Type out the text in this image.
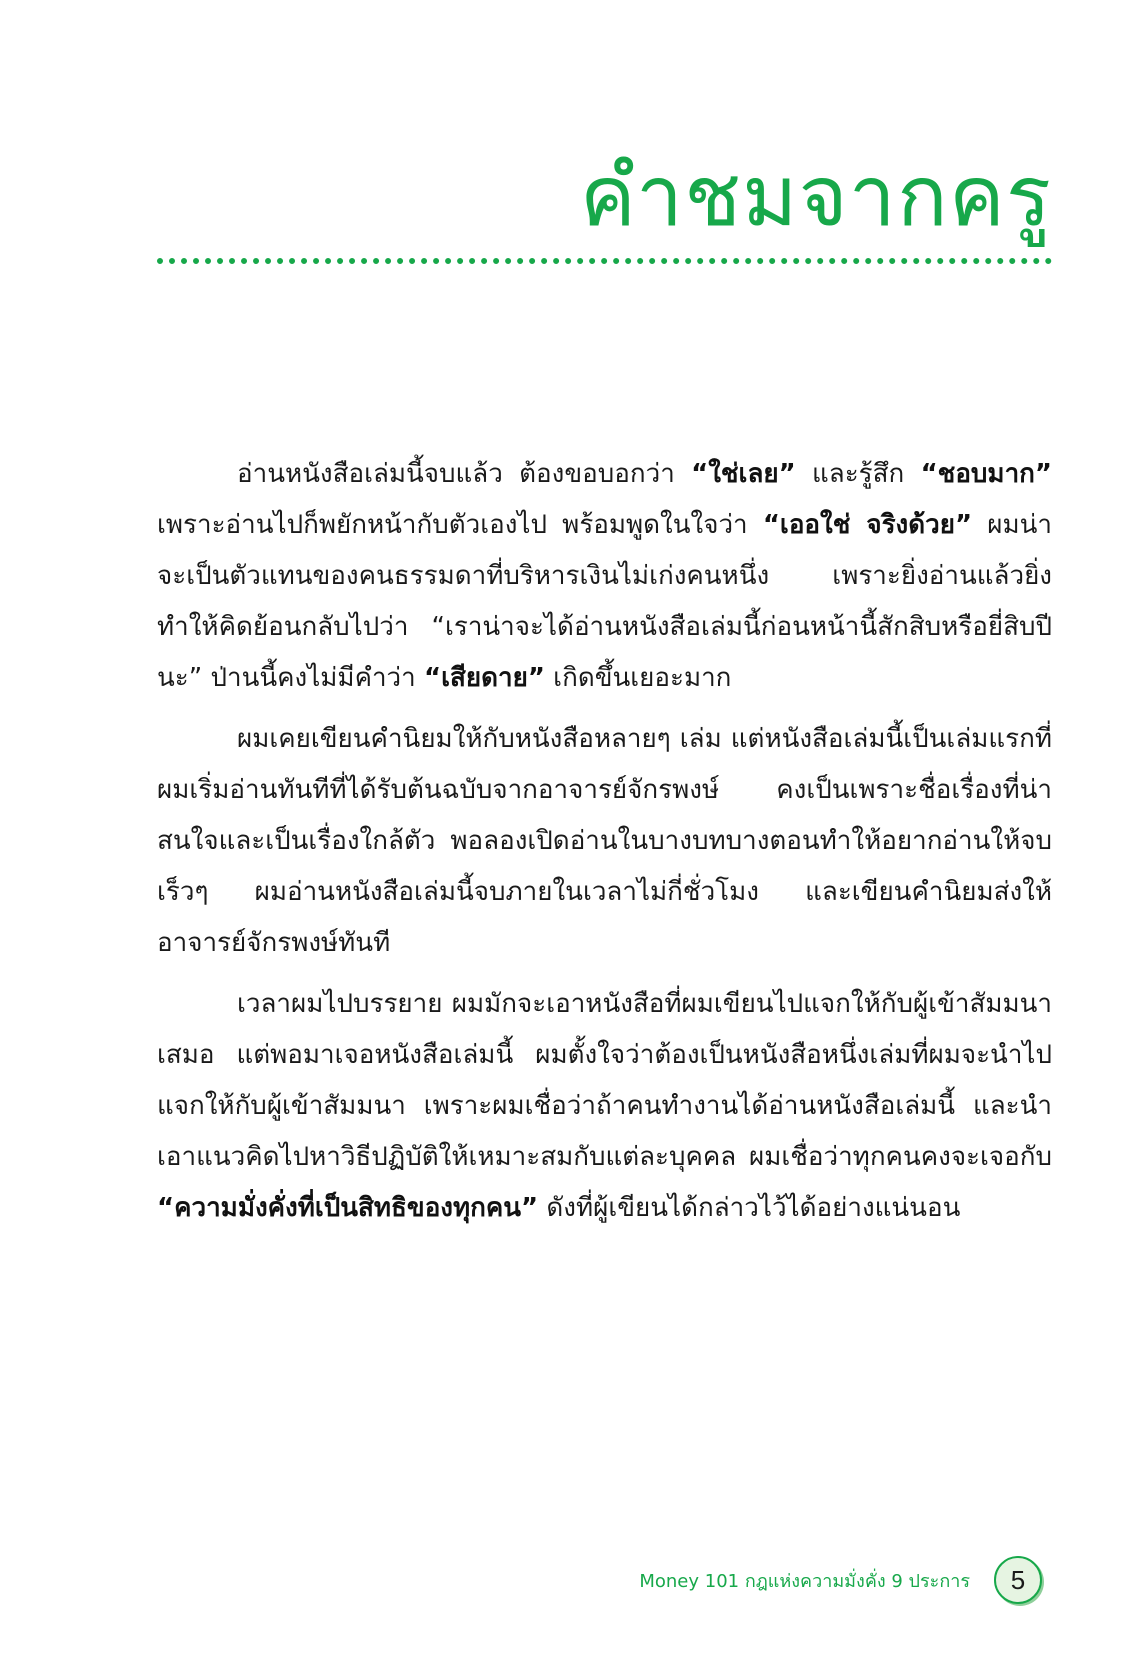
คำชมจากครู

อ่านหนังสือเล่มนี้จบแล้ว ต้องขอบอกว่า “ใช่เลย” และรู้สึก “ชอบมาก” เพราะอ่านไปก็พยักหน้ากับตัวเองไป พร้อมพูดในใจว่า “เออใช่ จริงด้วย” ผมน่าจะเป็นตัวแทนของคนธรรมดาที่บริหารเงินไม่เก่งคนหนึ่ง เพราะยิ่งอ่านแล้วยิ่งทำให้คิดย้อนกลับไปว่า “เราน่าจะได้อ่านหนังสือเล่มนี้ก่อนหน้านี้สักสิบหรือยี่สิบปีนะ” ป่านนี้คงไม่มีคำว่า “เสียดาย” เกิดขึ้นเยอะมาก

ผมเคยเขียนคำนิยมให้กับหนังสือหลายๆ เล่ม แต่หนังสือเล่มนี้เป็นเล่มแรกที่ผมเริ่มอ่านทันทีที่ได้รับต้นฉบับจากอาจารย์จักรพงษ์ คงเป็นเพราะชื่อเรื่องที่น่าสนใจและเป็นเรื่องใกล้ตัว พอลองเปิดอ่านในบางบทบางตอนทำให้อยากอ่านให้จบเร็วๆ ผมอ่านหนังสือเล่มนี้จบภายในเวลาไม่กี่ชั่วโมง และเขียนคำนิยมส่งให้อาจารย์จักรพงษ์ทันที

เวลาผมไปบรรยาย ผมมักจะเอาหนังสือที่ผมเขียนไปแจกให้กับผู้เข้าสัมมนาเสมอ แต่พอมาเจอหนังสือเล่มนี้ ผมตั้งใจว่าต้องเป็นหนังสือหนึ่งเล่มที่ผมจะนำไปแจกให้กับผู้เข้าสัมมนา เพราะผมเชื่อว่าถ้าคนทำงานได้อ่านหนังสือเล่มนี้ และนำเอาแนวคิดไปหาวิธีปฏิบัติให้เหมาะสมกับแต่ละบุคคล ผมเชื่อว่าทุกคนคงจะเจอกับ “ความมั่งคั่งที่เป็นสิทธิของทุกคน” ดังที่ผู้เขียนได้กล่าวไว้ได้อย่างแน่นอน

Money 101 กฎแห่งความมั่งคั่ง 9 ประการ	5
